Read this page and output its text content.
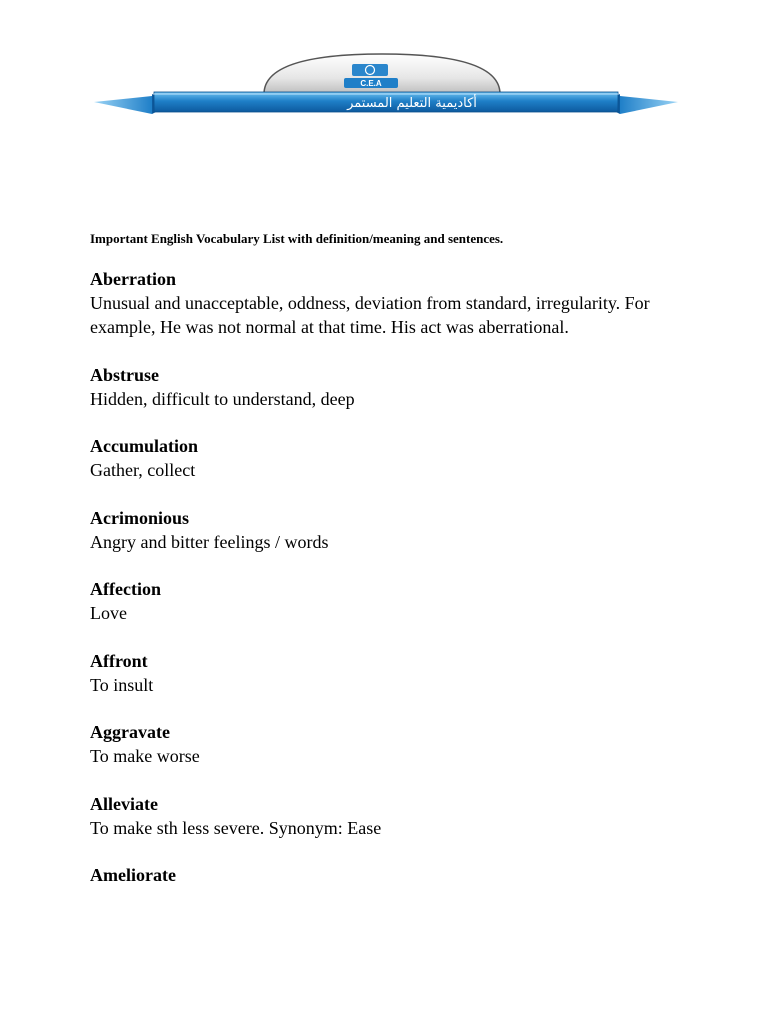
C.E.A
أكاديمية التعليم المستمر
Important English Vocabulary List with definition/meaning and sentences.
Aberration
Unusual and unacceptable, oddness, deviation from standard, irregularity. For example, He was not normal at that time. His act was aberrational.
Abstruse
Hidden, difficult to understand, deep
Accumulation
Gather, collect
Acrimonious
Angry and bitter feelings / words
Affection
Love
Affront
To insult
Aggravate
To make worse
Alleviate
To make sth less severe. Synonym: Ease
Ameliorate
